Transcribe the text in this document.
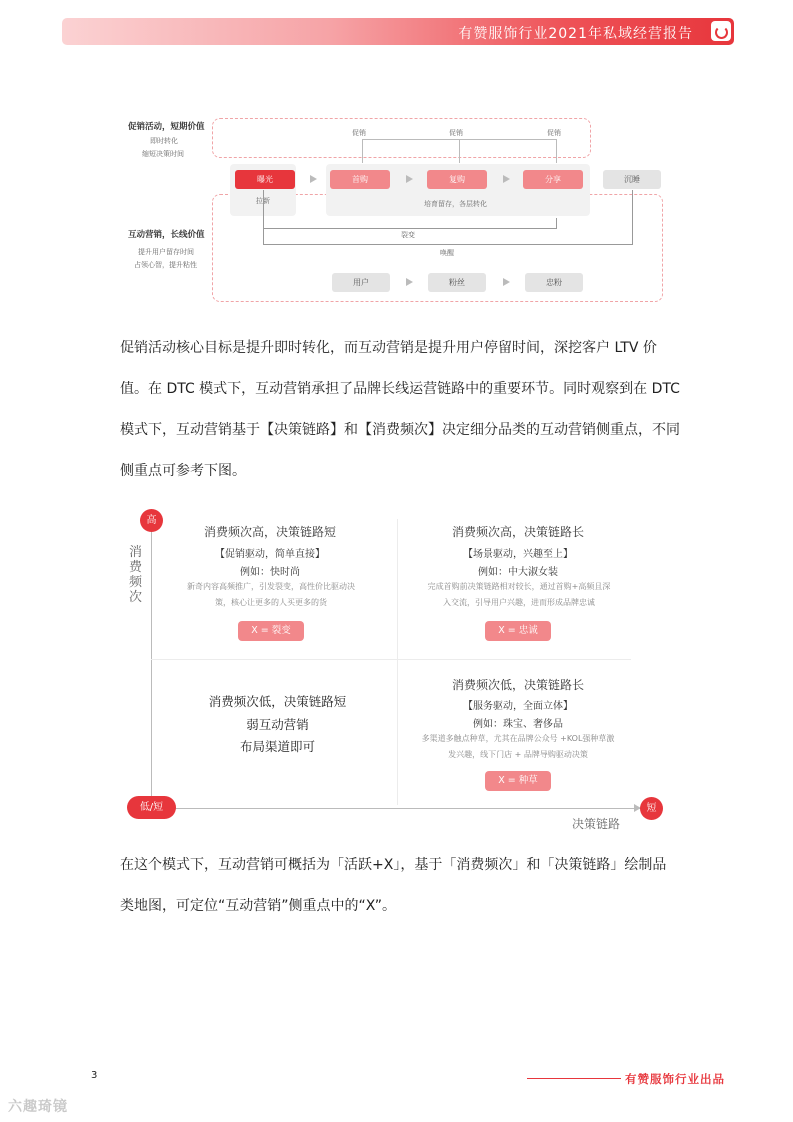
有赞服饰行业2021年私域经营报告
促销活动，短期价值
即时转化
缩短决策时间
互动营销，长线价值
提升用户留存时间
占领心智，提升粘性
促销	促销	促销
曝光	首购	复购	分享	沉睡
拉新	培育留存，各层转化
裂变
唤醒
用户	粉丝	忠粉
促销活动核心目标是提升即时转化，而互动营销是提升用户停留时间，深挖客户 LTV 价值。在 DTC 模式下，互动营销承担了品牌长线运营链路中的重要环节。同时观察到在 DTC 模式下，互动营销基于【决策链路】和【消费频次】决定细分品类的互动营销侧重点，不同侧重点可参考下图。
高
低/短	短
消费频次
决策链路
消费频次高，决策链路短
【促销驱动，简单直接】
例如：快时尚
新奇内容高频推广，引发裂变，高性价比驱动决策，核心让更多的人买更多的货
X = 裂变
消费频次高，决策链路长
【场景驱动，兴趣至上】
例如：中大淑女装
完成首购前决策链路相对较长，通过首购+高频且深入交流，引导用户兴趣，进而形成品牌忠诚
X = 忠诚
消费频次低，决策链路短
弱互动营销
布局渠道即可
消费频次低，决策链路长
【服务驱动，全面立体】
例如：珠宝、奢侈品
多渠道多触点种草，尤其在品牌公众号 +KOL强种草激发兴趣，线下门店 + 品牌导购驱动决策
X = 种草
在这个模式下，互动营销可概括为「活跃+X」，基于「消费频次」和「决策链路」绘制品类地图，可定位“互动营销”侧重点中的“X”。
3	有赞服饰行业出品
六趣琦镜
